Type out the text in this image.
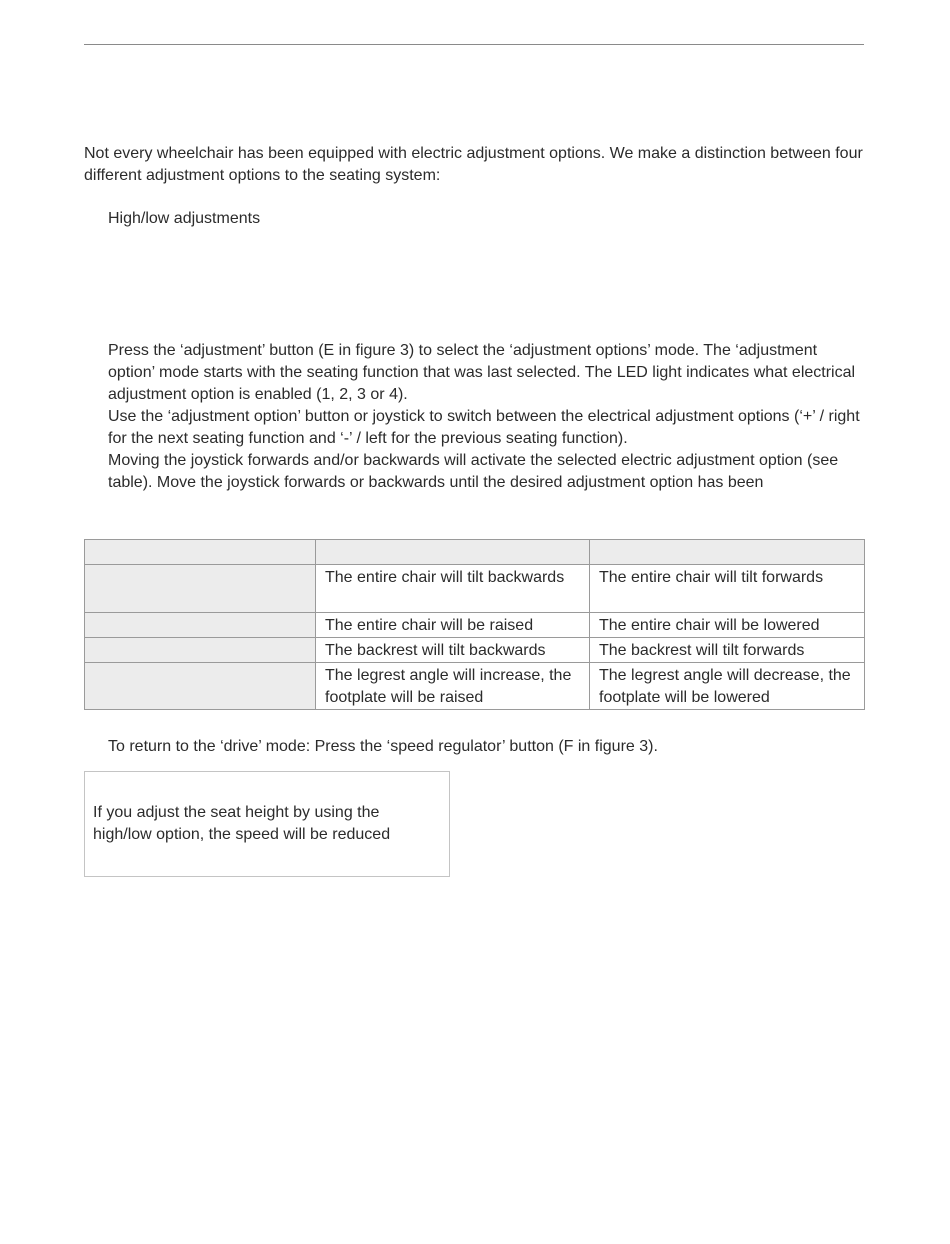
Not every wheelchair has been equipped with electric adjustment options. We make a distinction between four different adjustment options to the seating system:

High/low adjustments

Press the ‘adjustment’ button (E in figure 3) to select the ‘adjustment options’ mode. The ‘adjustment option’ mode starts with the seating function that was last selected. The LED light indicates what electrical adjustment option is enabled (1, 2, 3 or 4).

Use the ‘adjustment option’ button or joystick to switch between the electrical adjustment options (‘+’ / right for the next seating function and ‘-’ / left for the previous seating function).

Moving the joystick forwards and/or backwards will activate the selected electric adjustment option (see table). Move the joystick forwards or backwards until the desired adjustment option has been

	The entire chair will tilt backwards	The entire chair will tilt forwards
	The entire chair will be raised	The entire chair will be lowered
	The backrest will tilt backwards	The backrest will tilt forwards
	The legrest angle will increase, the footplate will be raised	The legrest angle will decrease, the footplate will be lowered

To return to the ‘drive’ mode: Press the ‘speed regulator’ button (F in figure 3).

If you adjust the seat height by using the high/low option, the speed will be reduced
